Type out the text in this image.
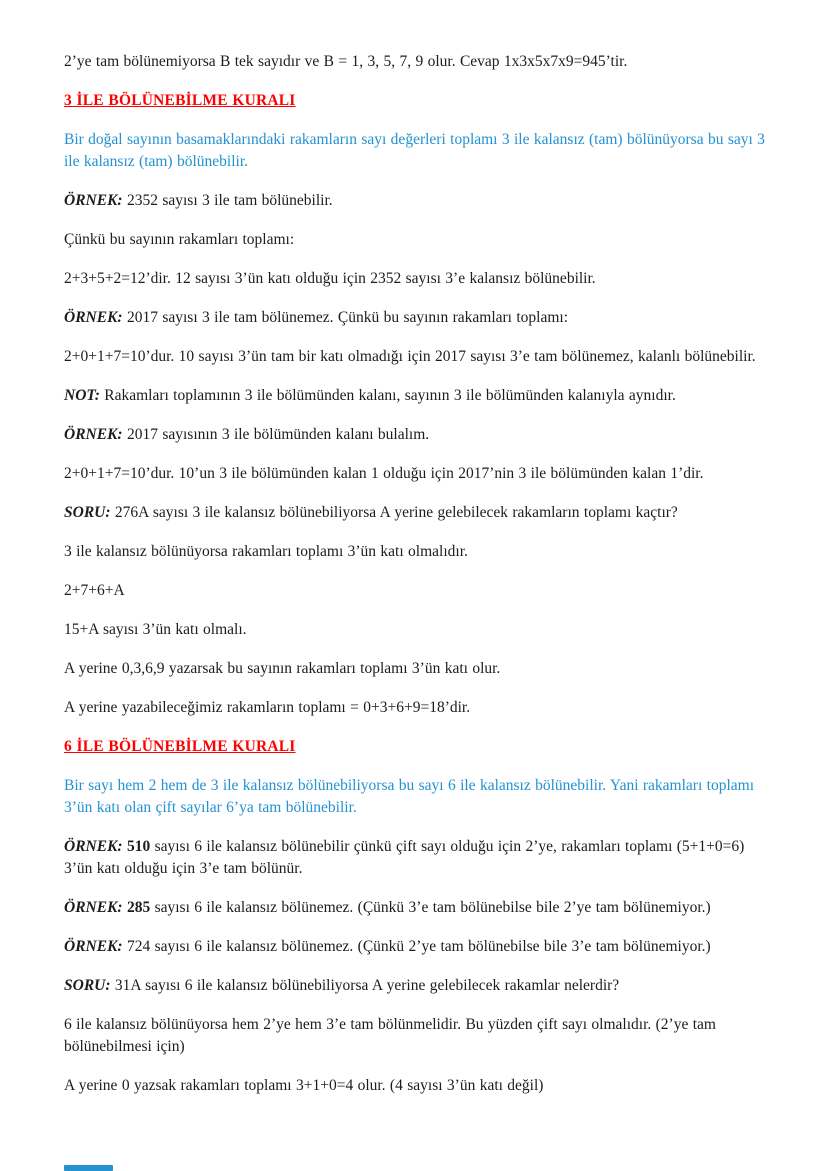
2’ye tam bölünemiyorsa B tek sayıdır ve B = 1, 3, 5, 7, 9 olur. Cevap 1x3x5x7x9=945’tir.

3 İLE BÖLÜNEBİLME KURALI

Bir doğal sayının basamaklarındaki rakamların sayı değerleri toplamı 3 ile kalansız (tam) bölünüyorsa bu sayı 3 ile kalansız (tam) bölünebilir.

ÖRNEK: 2352 sayısı 3 ile tam bölünebilir.

Çünkü bu sayının rakamları toplamı:

2+3+5+2=12’dir. 12 sayısı 3’ün katı olduğu için 2352 sayısı 3’e kalansız bölünebilir.

ÖRNEK: 2017 sayısı 3 ile tam bölünemez. Çünkü bu sayının rakamları toplamı:

2+0+1+7=10’dur. 10 sayısı 3’ün tam bir katı olmadığı için 2017 sayısı 3’e tam bölünemez, kalanlı bölünebilir.

NOT: Rakamları toplamının 3 ile bölümünden kalanı, sayının 3 ile bölümünden kalanıyla aynıdır.

ÖRNEK: 2017 sayısının 3 ile bölümünden kalanı bulalım.

2+0+1+7=10’dur. 10’un 3 ile bölümünden kalan 1 olduğu için 2017’nin 3 ile bölümünden kalan 1’dir.

SORU: 276A sayısı 3 ile kalansız bölünebiliyorsa A yerine gelebilecek rakamların toplamı kaçtır?

3 ile kalansız bölünüyorsa rakamları toplamı 3’ün katı olmalıdır.

2+7+6+A

15+A sayısı 3’ün katı olmalı.

A yerine 0,3,6,9 yazarsak bu sayının rakamları toplamı 3’ün katı olur.

A yerine yazabileceğimiz rakamların toplamı = 0+3+6+9=18’dir.

6 İLE BÖLÜNEBİLME KURALI

Bir sayı hem 2 hem de 3 ile kalansız bölünebiliyorsa bu sayı 6 ile kalansız bölünebilir. Yani rakamları toplamı 3’ün katı olan çift sayılar 6’ya tam bölünebilir.

ÖRNEK: 510 sayısı 6 ile kalansız bölünebilir çünkü çift sayı olduğu için 2’ye, rakamları toplamı (5+1+0=6) 3’ün katı olduğu için 3’e tam bölünür.

ÖRNEK: 285 sayısı 6 ile kalansız bölünemez. (Çünkü 3’e tam bölünebilse bile 2’ye tam bölünemiyor.)

ÖRNEK: 724 sayısı 6 ile kalansız bölünemez. (Çünkü 2’ye tam bölünebilse bile 3’e tam bölünemiyor.)

SORU: 31A sayısı 6 ile kalansız bölünebiliyorsa A yerine gelebilecek rakamlar nelerdir?

6 ile kalansız bölünüyorsa hem 2’ye hem 3’e tam bölünmelidir. Bu yüzden çift sayı olmalıdır. (2’ye tam bölünebilmesi için)

A yerine 0 yazsak rakamları toplamı 3+1+0=4 olur. (4 sayısı 3’ün katı değil)
